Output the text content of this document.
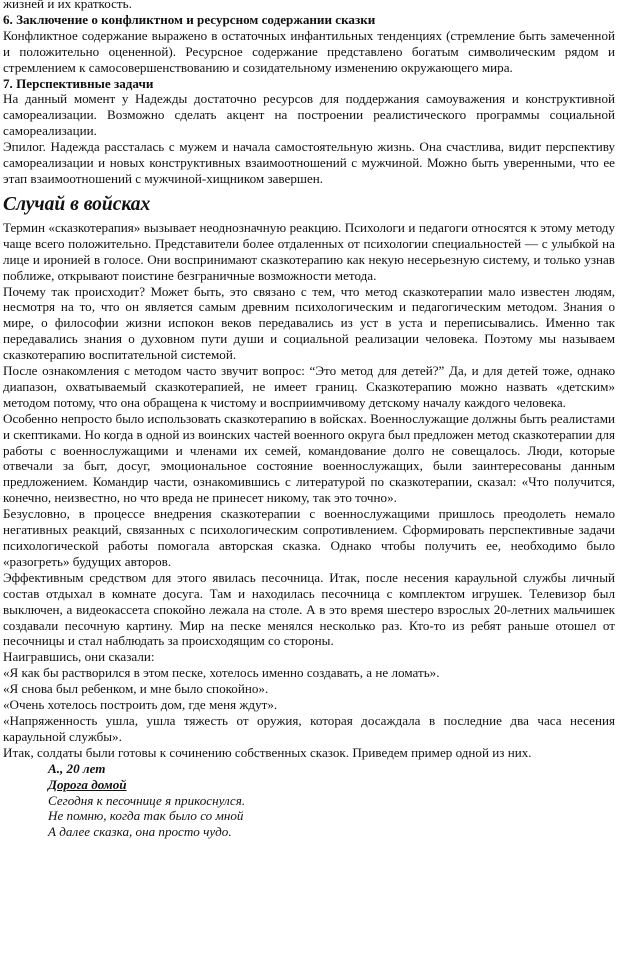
жизней и их краткость.

6. Заключение о конфликтном и ресурсном содержании сказки

Конфликтное содержание выражено в остаточных инфантильных тенденциях (стремление быть замеченной и положительно оцененной). Ресурсное содержание представлено богатым символическим рядом и стремлением к самосовершенствованию и созидательному изменению окружающего мира.

7. Перспективные задачи

На данный момент у Надежды достаточно ресурсов для поддержания самоуважения и конструктивной самореализации. Возможно сделать акцент на построении реалистического программы социальной самореализации.

Эпилог. Надежда рассталась с мужем и начала самостоятельную жизнь. Она счастлива, видит перспективу самореализации и новых конструктивных взаимоотношений с мужчиной. Можно быть уверенными, что ее этап взаимоотношений с мужчиной-хищником завершен.

Случай в войсках

Термин «сказкотерапия» вызывает неоднозначную реакцию. Психологи и педагоги относятся к этому методу чаще всего положительно. Представители более отдаленных от психологии специальностей — с улыбкой на лице и иронией в голосе. Они воспринимают сказкотерапию как некую несерьезную систему, и только узнав поближе, открывают поистине безграничные возможности метода.

Почему так происходит? Может быть, это связано с тем, что метод сказкотерапии мало известен людям, несмотря на то, что он является самым древним психологическим и педагогическим методом. Знания о мире, о философии жизни испокон веков передавались из уст в уста и переписывались. Именно так передавались знания о духовном пути души и социальной реализации человека. Поэтому мы называем сказкотерапию воспитательной системой.

После ознакомления с методом часто звучит вопрос: “Это метод для детей?” Да, и для детей тоже, однако диапазон, охватываемый сказкотерапией, не имеет границ. Сказкотерапию можно назвать «детским» методом потому, что она обращена к чистому и восприимчивому детскому началу каждого человека.

Особенно непросто было использовать сказкотерапию в войсках. Военнослужащие должны быть реалистами и скептиками. Но когда в одной из воинских частей военного округа был предложен метод сказкотерапии для работы с военнослужащими и членами их семей, командование долго не совещалось. Люди, которые отвечали за быт, досуг, эмоциональное состояние военнослужащих, были заинтересованы данным предложением. Командир части, ознакомившись с литературой по сказкотерапии, сказал: «Что получится, конечно, неизвестно, но что вреда не принесет никому, так это точно».

Безусловно, в процессе внедрения сказкотерапии с военнослужащими пришлось преодолеть немало негативных реакций, связанных с психологическим сопротивлением. Сформировать перспективные задачи психологической работы помогала авторская сказка. Однако чтобы получить ее, необходимо было «разогреть» будущих авторов.

Эффективным средством для этого явилась песочница. Итак, после несения караульной службы личный состав отдыхал в комнате досуга. Там и находилась песочница с комплектом игрушек. Телевизор был выключен, а видеокассета спокойно лежала на столе. А в это время шестеро взрослых 20-летних мальчишек создавали песочную картину. Мир на песке менялся несколько раз. Кто-то из ребят раньше отошел от песочницы и стал наблюдать за происходящим со стороны.

Наигравшись, они сказали:

«Я как бы растворился в этом песке, хотелось именно создавать, а не ломать».

«Я снова был ребенком, и мне было спокойно».

«Очень хотелось построить дом, где меня ждут».

«Напряженность ушла, ушла тяжесть от оружия, которая досаждала в последние два часа несения караульной службы».

Итак, солдаты были готовы к сочинению собственных сказок. Приведем пример одной из них.

А., 20 лет

Дорога домой

Сегодня к песочнице я прикоснулся.

Не помню, когда так было со мной

А далее сказка, она просто чудо.
